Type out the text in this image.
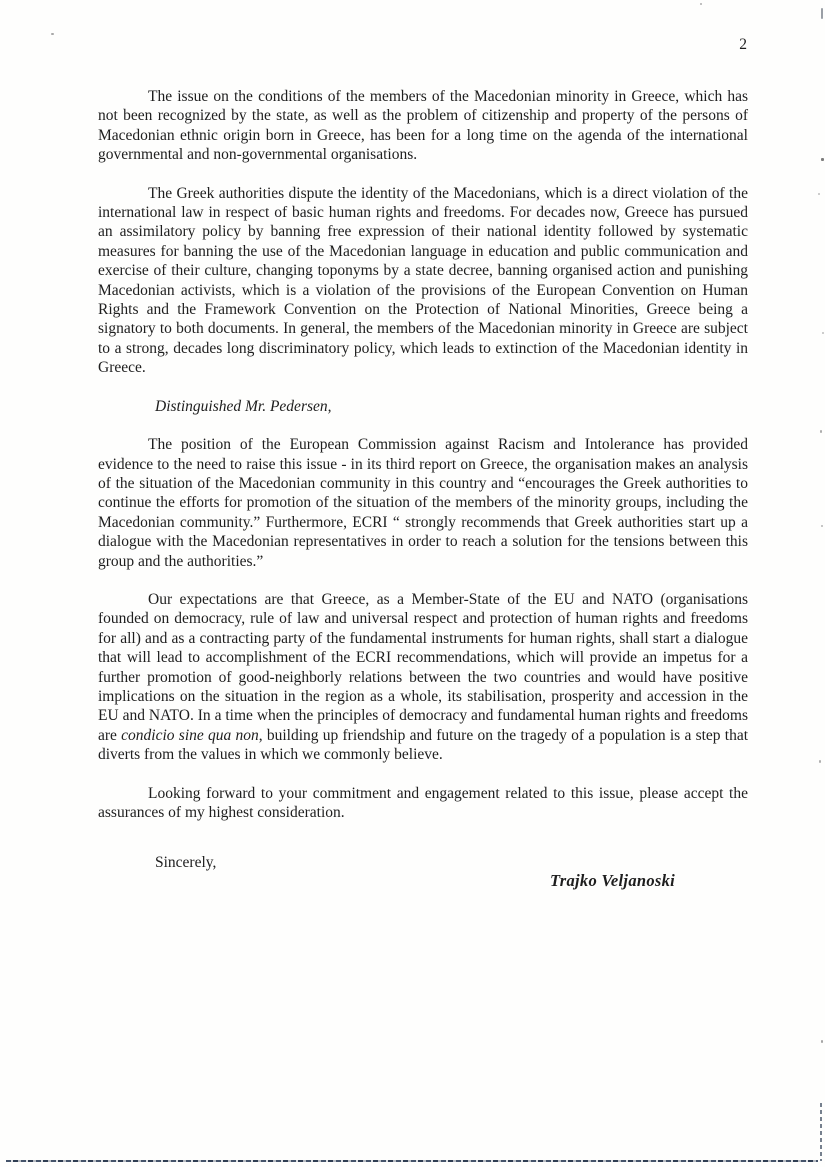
2

The issue on the conditions of the members of the Macedonian minority in Greece, which has not been recognized by the state, as well as the problem of citizenship and property of the persons of Macedonian ethnic origin born in Greece, has been for a long time on the agenda of the international governmental and non-governmental organisations.

The Greek authorities dispute the identity of the Macedonians, which is a direct violation of the international law in respect of basic human rights and freedoms. For decades now, Greece has pursued an assimilatory policy by banning free expression of their national identity followed by systematic measures for banning the use of the Macedonian language in education and public communication and exercise of their culture, changing toponyms by a state decree, banning organised action and punishing Macedonian activists, which is a violation of the provisions of the European Convention on Human Rights and the Framework Convention on the Protection of National Minorities, Greece being a signatory to both documents. In general, the members of the Macedonian minority in Greece are subject to a strong, decades long discriminatory policy, which leads to extinction of the Macedonian identity in Greece.

Distinguished Mr. Pedersen,

The position of the European Commission against Racism and Intolerance has provided evidence to the need to raise this issue - in its third report on Greece, the organisation makes an analysis of the situation of the Macedonian community in this country and “encourages the Greek authorities to continue the efforts for promotion of the situation of the members of the minority groups, including the Macedonian community.” Furthermore, ECRI “ strongly recommends that Greek authorities start up a dialogue with the Macedonian representatives in order to reach a solution for the tensions between this group and the authorities.”

Our expectations are that Greece, as a Member-State of the EU and NATO (organisations founded on democracy, rule of law and universal respect and protection of human rights and freedoms for all) and as a contracting party of the fundamental instruments for human rights, shall start a dialogue that will lead to accomplishment of the ECRI recommendations, which will provide an impetus for a further promotion of good-neighborly relations between the two countries and would have positive implications on the situation in the region as a whole, its stabilisation, prosperity and accession in the EU and NATO. In a time when the principles of democracy and fundamental human rights and freedoms are condicio sine qua non, building up friendship and future on the tragedy of a population is a step that diverts from the values in which we commonly believe.

Looking forward to your commitment and engagement related to this issue, please accept the assurances of my highest consideration.

Sincerely,

Trajko Veljanoski
